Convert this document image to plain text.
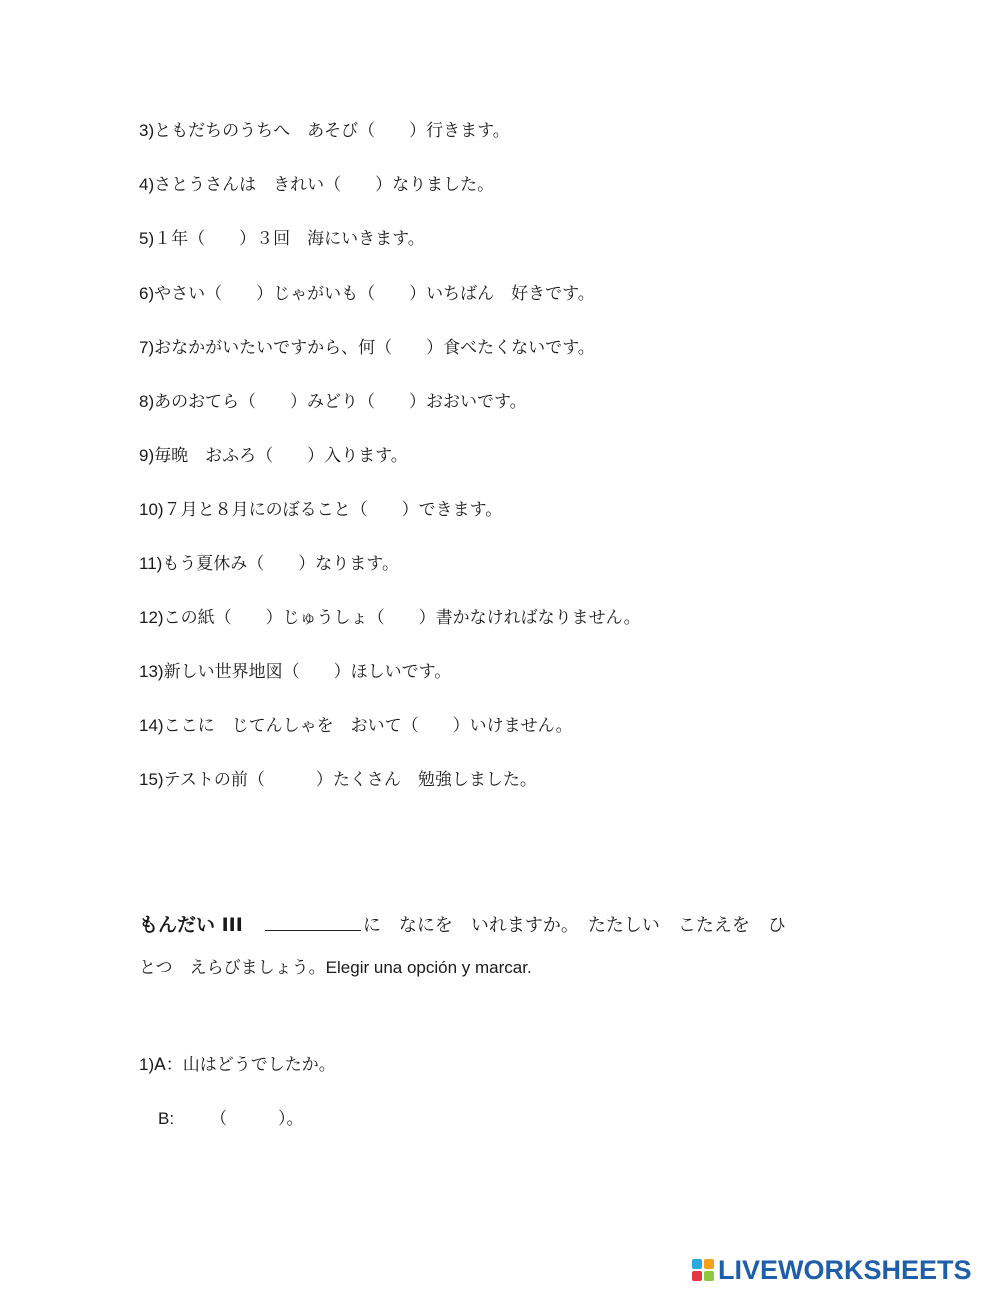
3)ともだちのうちへ　あそび（　　）行きます。
4)さとうさんは　きれい（　　）なりました。
5)１年（　　）３回　海にいきます。
6)やさい（　　）じゃがいも（　　）いちばん　好きです。
7)おなかがいたいですから、何（　　）食べたくないです。
8)あのおてら（　　）みどり（　　）おおいです。
9)毎晩　おふろ（　　）入ります。
10)７月と８月にのぼること（　　）できます。
11)もう夏休み（　　）なります。
12)この紙（　　）じゅうしょ（　　）書かなければなりません。
13)新しい世界地図（　　）ほしいです。
14)ここに　じてんしゃを　おいて（　　）いけません。
15)テストの前（　　　）たくさん　勉強しました。
もんだい III	に　なにを　いれますか。　たたしい　こたえを　ひ
とつ　えらびましょう。Elegir una opción y marcar.
1)A：山はどうでしたか。
B: （　　　）。
LIVEWORKSHEETS
